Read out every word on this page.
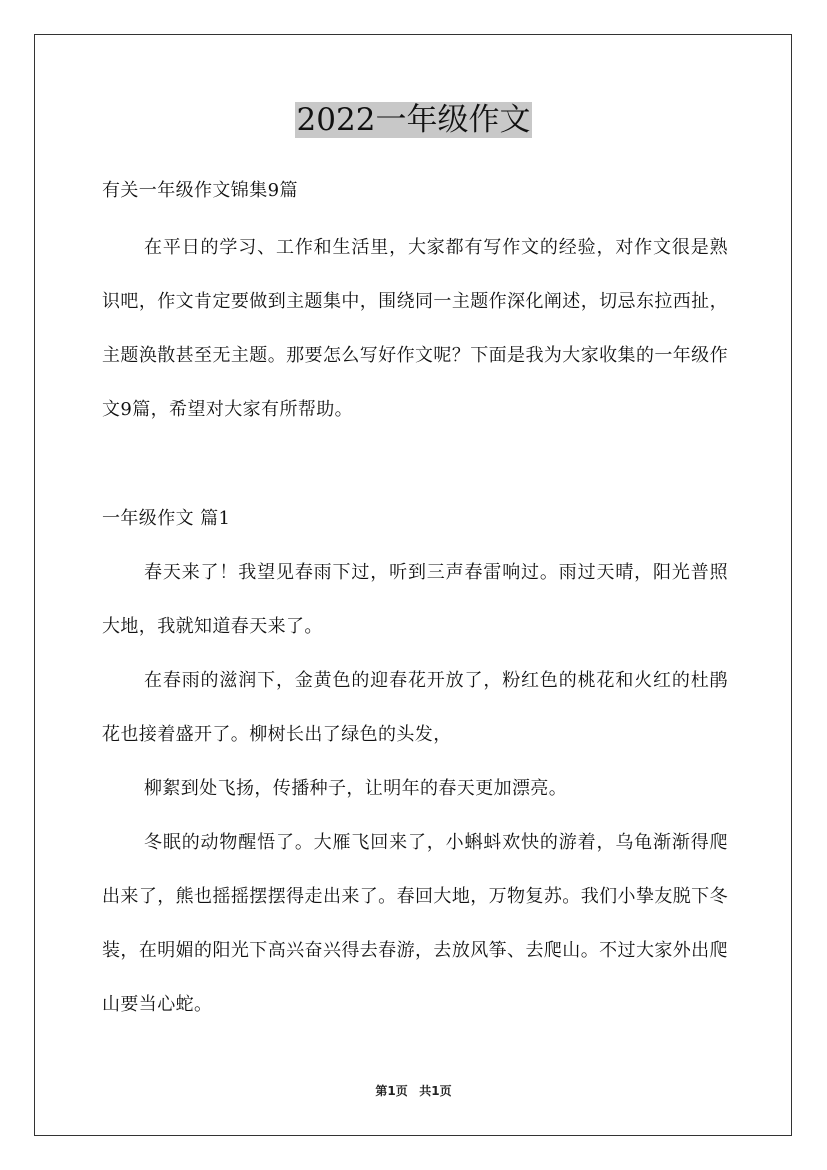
2022一年级作文

有关一年级作文锦集9篇

在平日的学习、工作和生活里，大家都有写作文的经验，对作文很是熟识吧，作文肯定要做到主题集中，围绕同一主题作深化阐述，切忌东拉西扯，主题涣散甚至无主题。那要怎么写好作文呢？下面是我为大家收集的一年级作文9篇，希望对大家有所帮助。

一年级作文 篇1

春天来了！我望见春雨下过，听到三声春雷响过。雨过天晴，阳光普照大地，我就知道春天来了。

在春雨的滋润下，金黄色的迎春花开放了，粉红色的桃花和火红的杜鹃花也接着盛开了。柳树长出了绿色的头发，

柳絮到处飞扬，传播种子，让明年的春天更加漂亮。

冬眠的动物醒悟了。大雁飞回来了，小蝌蚪欢快的游着，乌龟渐渐得爬出来了，熊也摇摇摆摆得走出来了。春回大地，万物复苏。我们小挚友脱下冬装，在明媚的阳光下高兴奋兴得去春游，去放风筝、去爬山。不过大家外出爬山要当心蛇。

第1页 共1页
